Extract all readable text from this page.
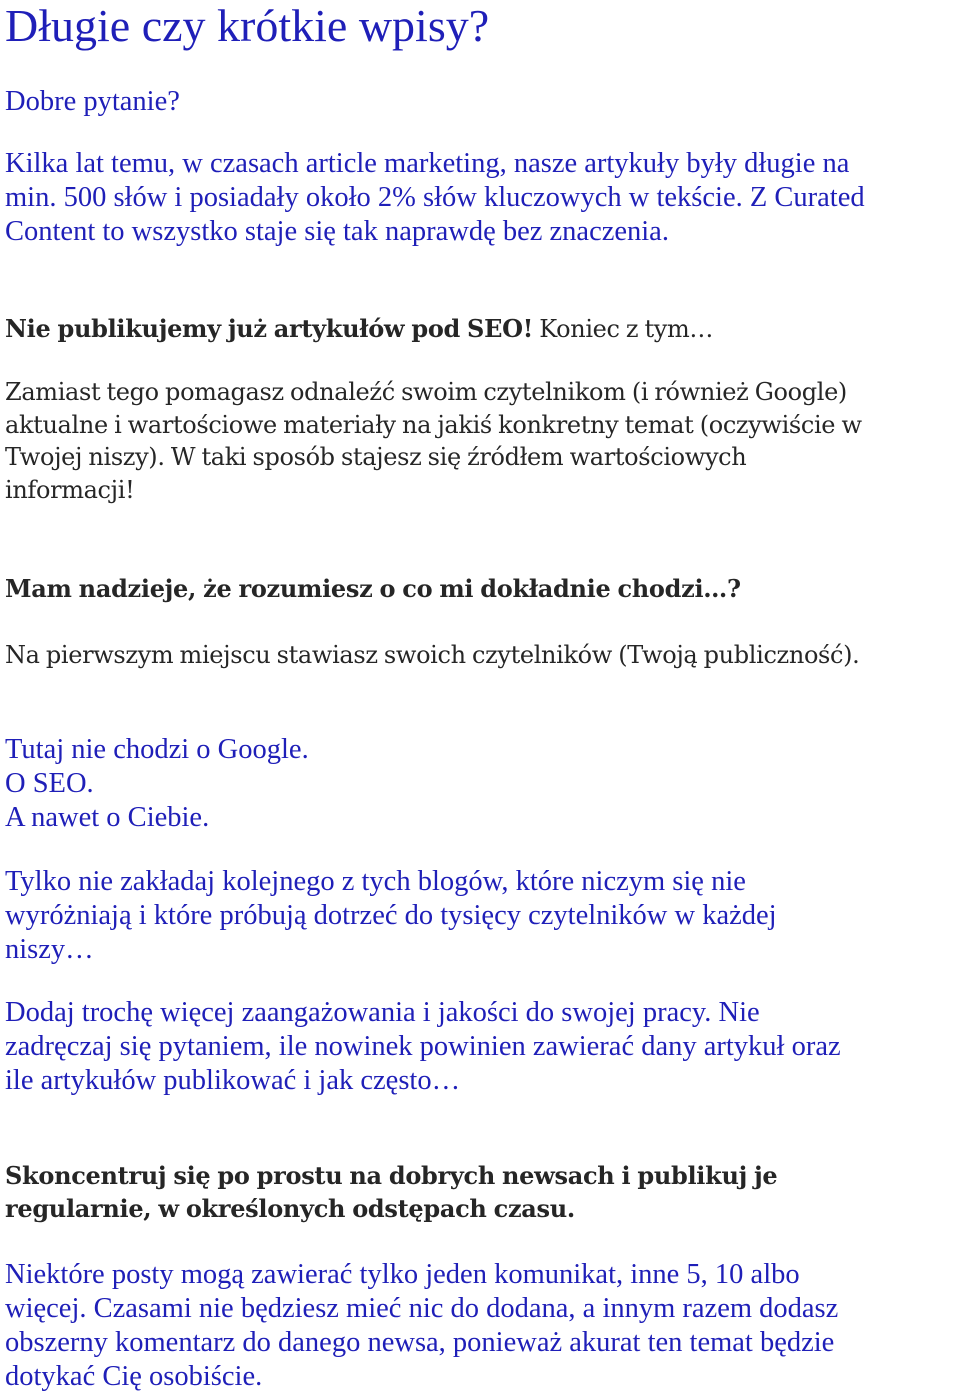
Długie czy krótkie wpisy?
Dobre pytanie?
Kilka lat temu, w czasach article marketing, nasze artykuły były długie na
min. 500 słów i posiadały około 2% słów kluczowych w tekście. Z Curated
Content to wszystko staje się tak naprawdę bez znaczenia.
Nie publikujemy już artykułów pod SEO! Koniec z tym…
Zamiast tego pomagasz odnaleźć swoim czytelnikom (i również Google)
aktualne i wartościowe materiały na jakiś konkretny temat (oczywiście w
Twojej niszy). W taki sposób stajesz się źródłem wartościowych
informacji!
Mam nadzieje, że rozumiesz o co mi dokładnie chodzi…?
Na pierwszym miejscu stawiasz swoich czytelników (Twoją publiczność).
Tutaj nie chodzi o Google.
O SEO.
A nawet o Ciebie.
Tylko nie zakładaj kolejnego z tych blogów, które niczym się nie
wyróżniają i które próbują dotrzeć do tysięcy czytelników w każdej
niszy…
Dodaj trochę więcej zaangażowania i jakości do swojej pracy. Nie
zadręczaj się pytaniem, ile nowinek powinien zawierać dany artykuł oraz
ile artykułów publikować i jak często…
Skoncentruj się po prostu na dobrych newsach i publikuj je
regularnie, w określonych odstępach czasu.
Niektóre posty mogą zawierać tylko jeden komunikat, inne 5, 10 albo
więcej. Czasami nie będziesz mieć nic do dodana, a innym razem dodasz
obszerny komentarz do danego newsa, ponieważ akurat ten temat będzie
dotykać Cię osobiście.
